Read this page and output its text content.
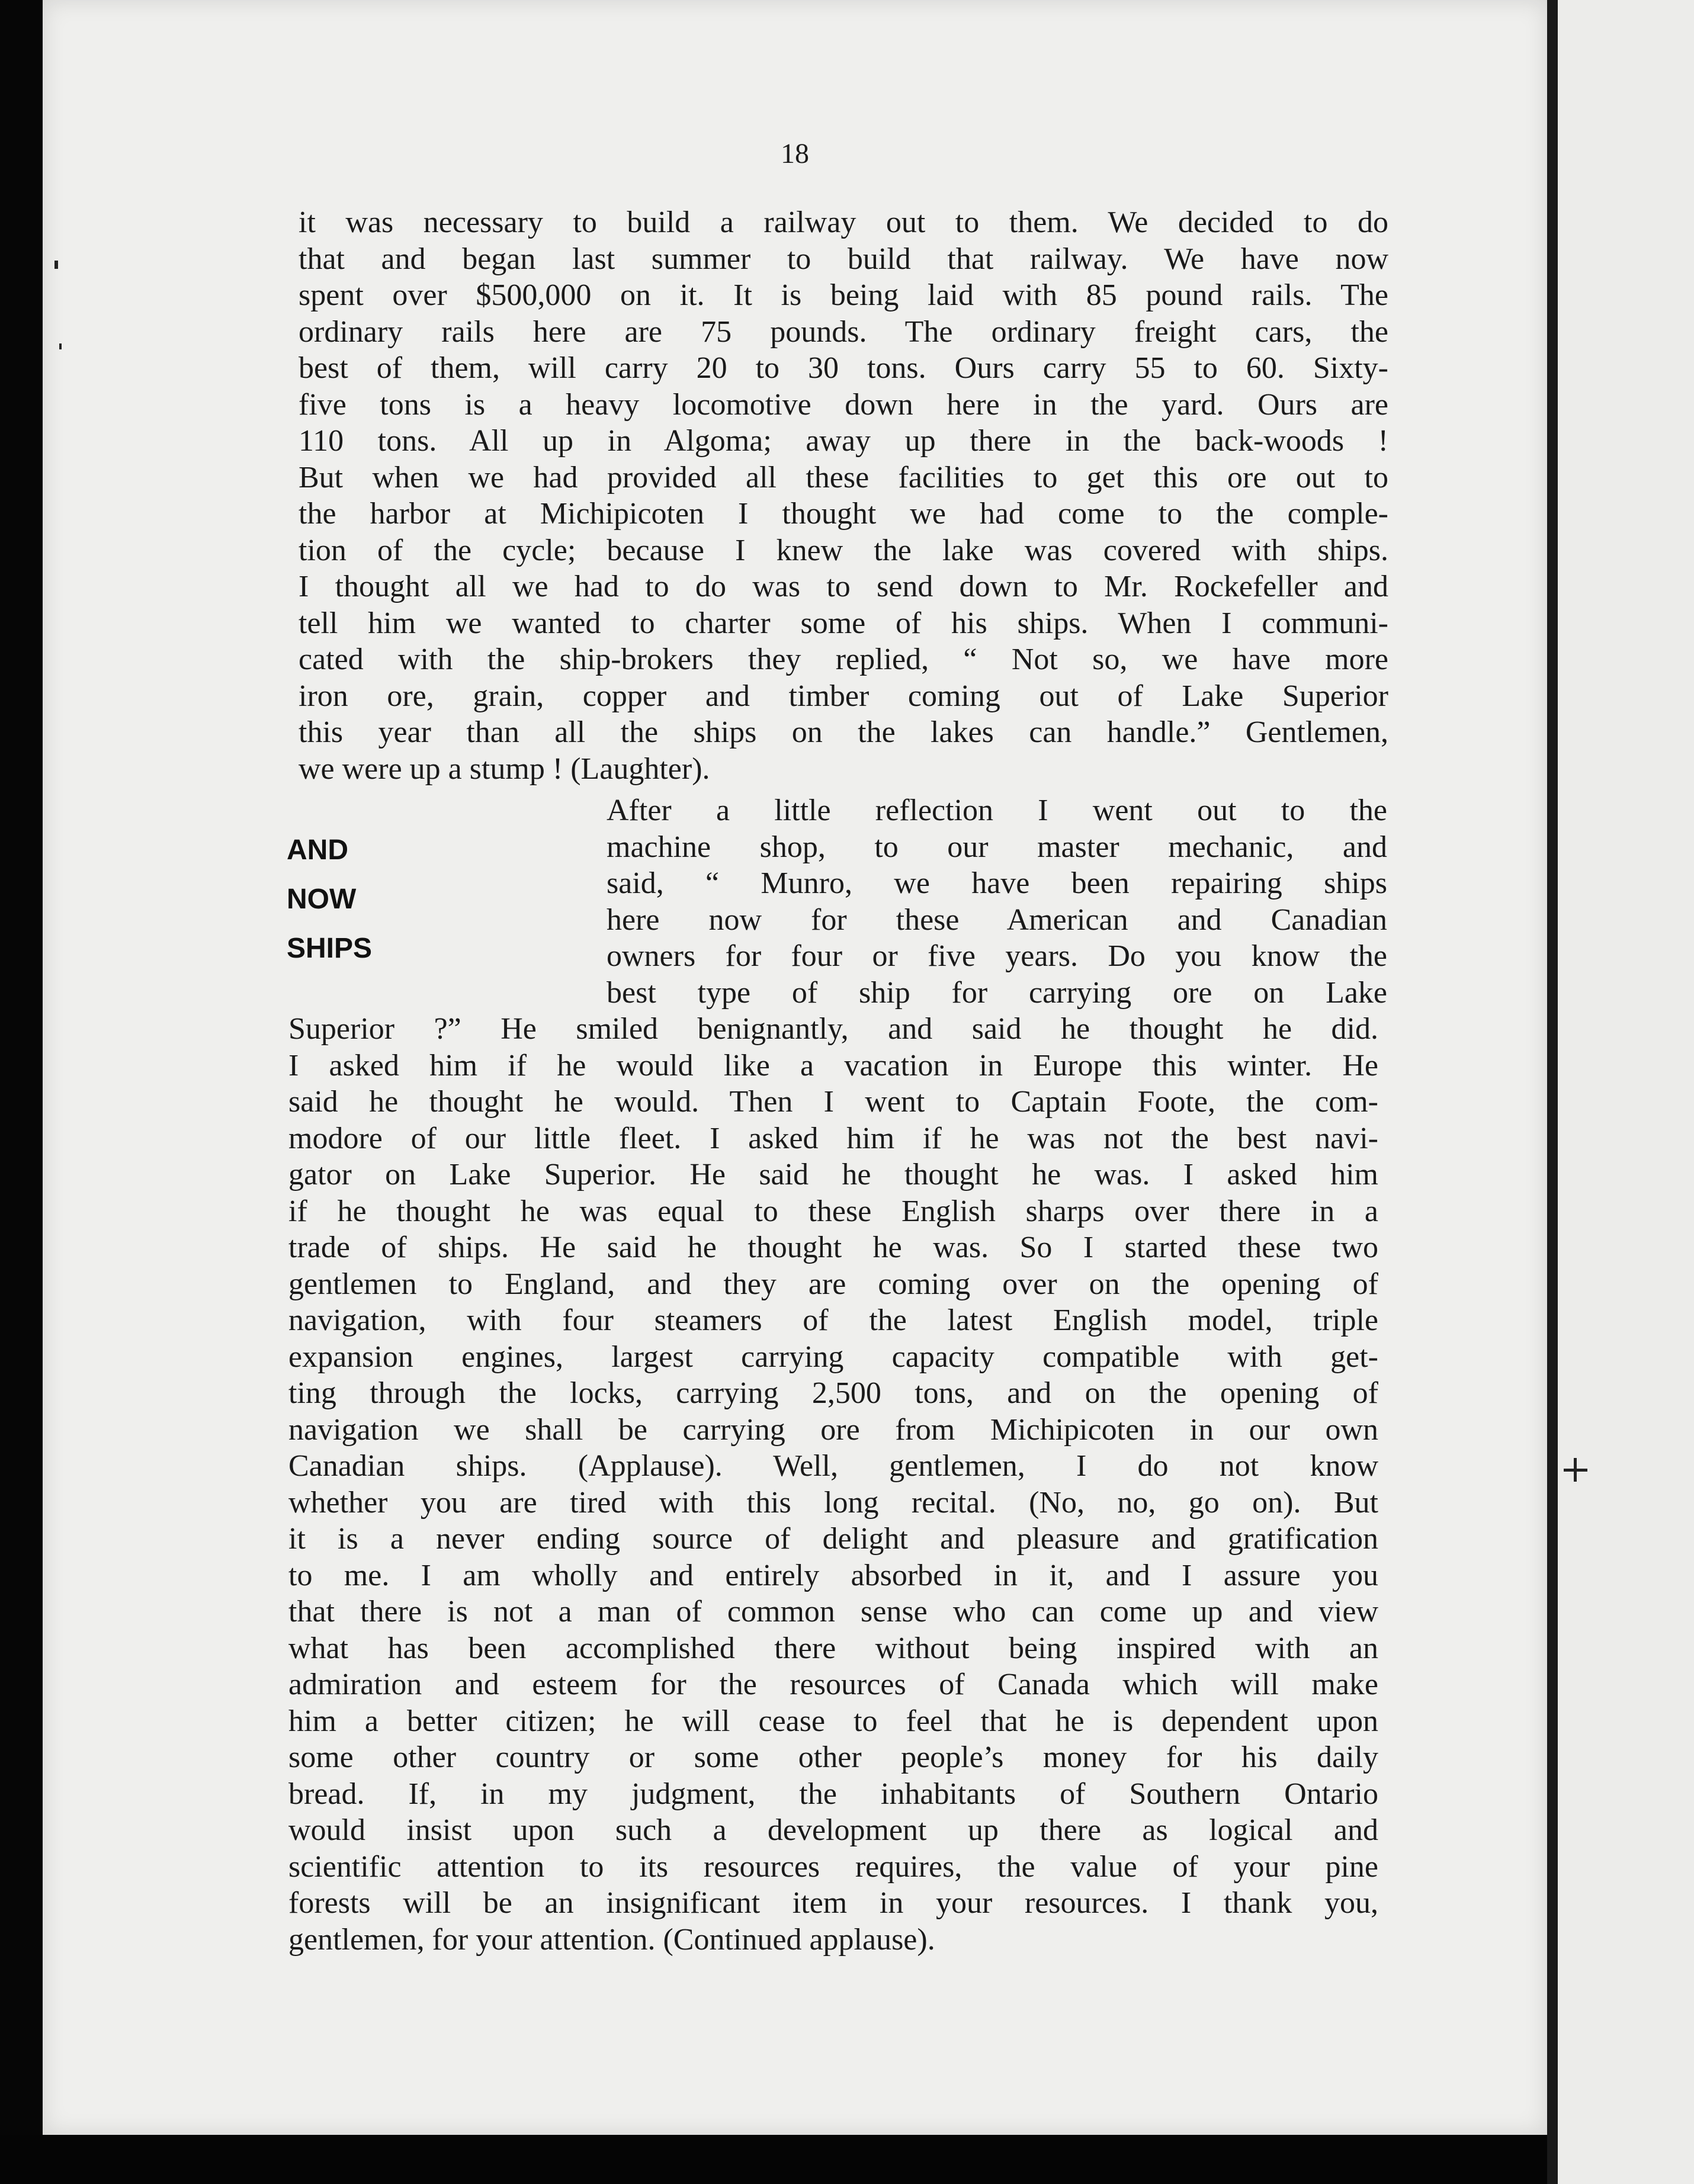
18
it was necessary to build a railway out to them. We decided to do
that and began last summer to build that railway. We have now
spent over $500,000 on it. It is being laid with 85 pound rails. The
ordinary rails here are 75 pounds. The ordinary freight cars, the
best of them, will carry 20 to 30 tons. Ours carry 55 to 60. Sixty-
five tons is a heavy locomotive down here in the yard. Ours are
110 tons. All up in Algoma; away up there in the back-woods !
But when we had provided all these facilities to get this ore out to
the harbor at Michipicoten I thought we had come to the comple-
tion of the cycle; because I knew the lake was covered with ships.
I thought all we had to do was to send down to Mr. Rockefeller and
tell him we wanted to charter some of his ships. When I communi-
cated with the ship-brokers they replied, “ Not so, we have more
iron ore, grain, copper and timber coming out of Lake Superior
this year than all the ships on the lakes can handle.” Gentlemen,
we were up a stump ! (Laughter).
AND
NOW
SHIPS
After a little reflection I went out to the
machine shop, to our master mechanic, and
said, “ Munro, we have been repairing ships
here now for these American and Canadian
owners for four or five years. Do you know the
best type of ship for carrying ore on Lake
Superior ?” He smiled benignantly, and said he thought he did.
I asked him if he would like a vacation in Europe this winter. He
said he thought he would. Then I went to Captain Foote, the com-
modore of our little fleet. I asked him if he was not the best navi-
gator on Lake Superior. He said he thought he was. I asked him
if he thought he was equal to these English sharps over there in a
trade of ships. He said he thought he was. So I started these two
gentlemen to England, and they are coming over on the opening of
navigation, with four steamers of the latest English model, triple
expansion engines, largest carrying capacity compatible with get-
ting through the locks, carrying 2,500 tons, and on the opening of
navigation we shall be carrying ore from Michipicoten in our own
Canadian ships. (Applause). Well, gentlemen, I do not know
whether you are tired with this long recital. (No, no, go on). But
it is a never ending source of delight and pleasure and gratification
to me. I am wholly and entirely absorbed in it, and I assure you
that there is not a man of common sense who can come up and view
what has been accomplished there without being inspired with an
admiration and esteem for the resources of Canada which will make
him a better citizen; he will cease to feel that he is dependent upon
some other country or some other people’s money for his daily
bread. If, in my judgment, the inhabitants of Southern Ontario
would insist upon such a development up there as logical and
scientific attention to its resources requires, the value of your pine
forests will be an insignificant item in your resources. I thank you,
gentlemen, for your attention. (Continued applause).
